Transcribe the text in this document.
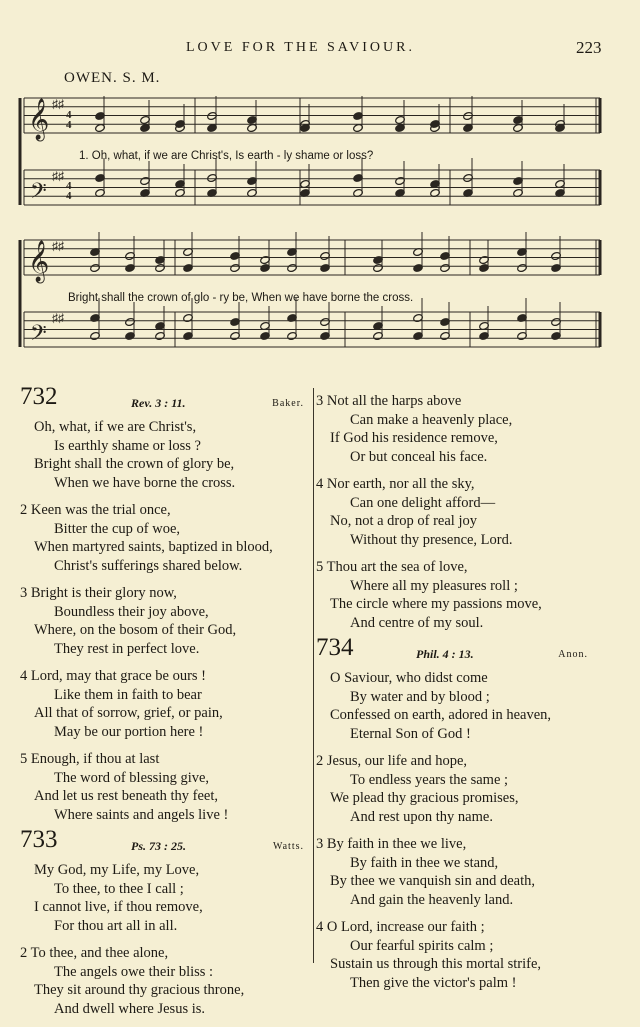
LOVE FOR THE SAVIOUR.	223
OWEN. S. M.
♯♯
♯♯
♯♯
♯♯
𝄞
𝄢
𝄞
𝄢
4
4
4
4
1. Oh, what, if we are Christ's, Is earth - ly shame or loss?
Bright shall the crown of glo - ry be, When we have borne the cross.
732	Rev. 3 : 11.	Baker.
Oh, what, if we are Christ's,
Is earthly shame or loss ?
Bright shall the crown of glory be,
When we have borne the cross.
2 Keen was the trial once,
Bitter the cup of woe,
When martyred saints, baptized in blood,
Christ's sufferings shared below.
3 Bright is their glory now,
Boundless their joy above,
Where, on the bosom of their God,
They rest in perfect love.
4 Lord, may that grace be ours !
Like them in faith to bear
All that of sorrow, grief, or pain,
May be our portion here !
5 Enough, if thou at last
The word of blessing give,
And let us rest beneath thy feet,
Where saints and angels live !
733	Ps. 73 : 25.	Watts.
My God, my Life, my Love,
To thee, to thee I call ;
I cannot live, if thou remove,
For thou art all in all.
2 To thee, and thee alone,
The angels owe their bliss :
They sit around thy gracious throne,
And dwell where Jesus is.
3 Not all the harps above
Can make a heavenly place,
If God his residence remove,
Or but conceal his face.
4 Nor earth, nor all the sky,
Can one delight afford—
No, not a drop of real joy
Without thy presence, Lord.
5 Thou art the sea of love,
Where all my pleasures roll ;
The circle where my passions move,
And centre of my soul.
734	Phil. 4 : 13.	Anon.
O Saviour, who didst come
By water and by blood ;
Confessed on earth, adored in heaven,
Eternal Son of God !
2 Jesus, our life and hope,
To endless years the same ;
We plead thy gracious promises,
And rest upon thy name.
3 By faith in thee we live,
By faith in thee we stand,
By thee we vanquish sin and death,
And gain the heavenly land.
4 O Lord, increase our faith ;
Our fearful spirits calm ;
Sustain us through this mortal strife,
Then give the victor's palm !
